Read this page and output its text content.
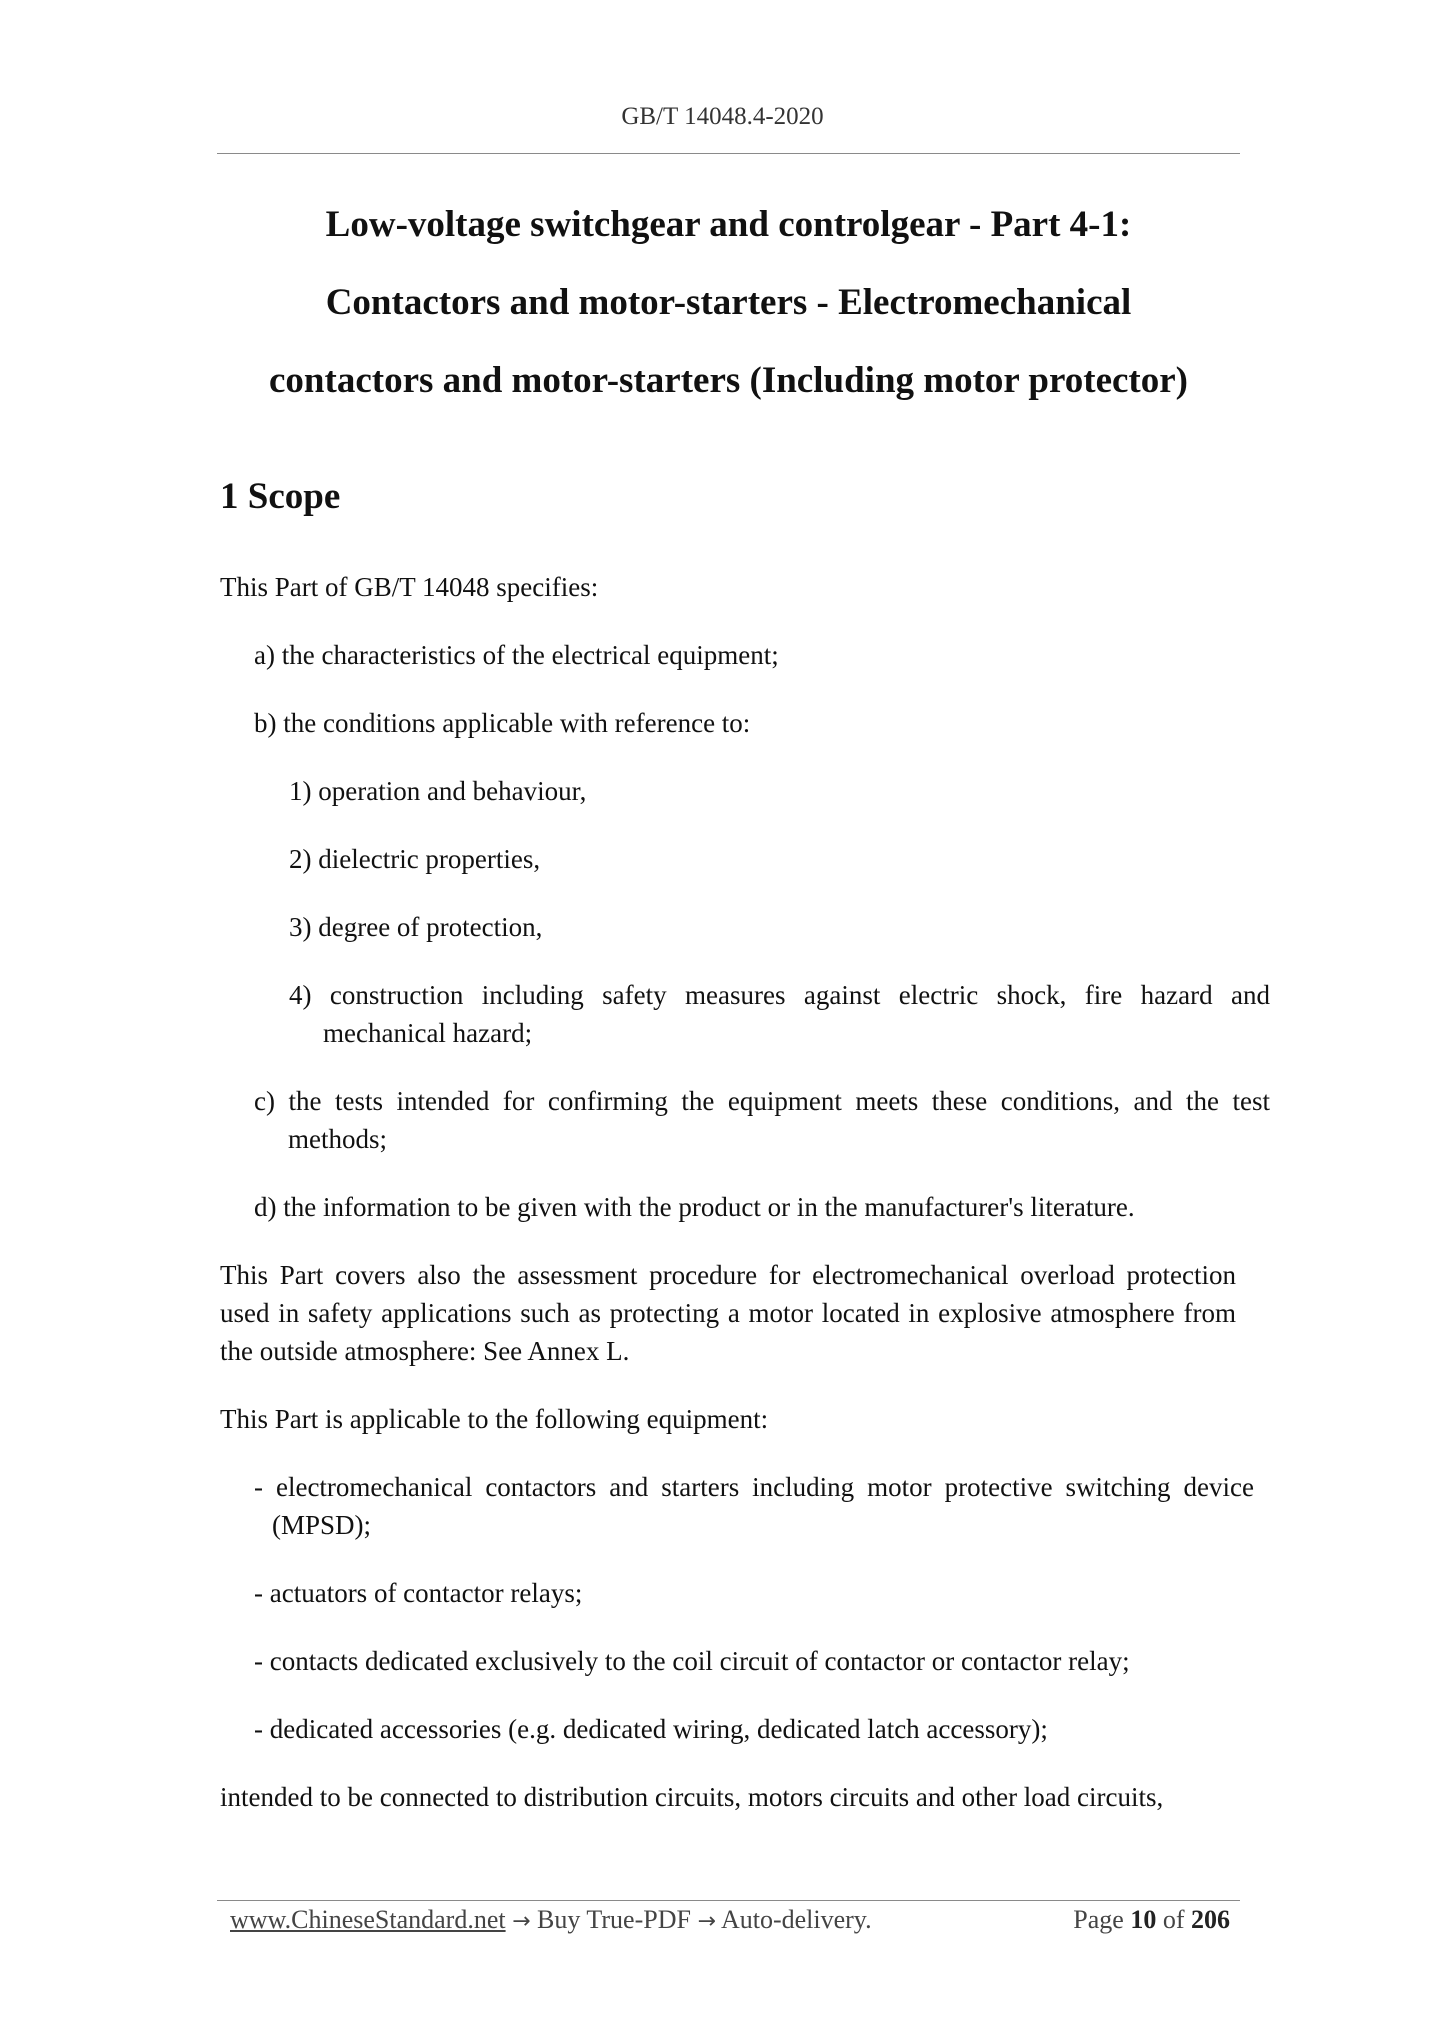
GB/T 14048.4-2020
Low-voltage switchgear and controlgear - Part 4-1:
Contactors and motor-starters - Electromechanical
contactors and motor-starters (Including motor protector)
1 Scope

This Part of GB/T 14048 specifies:

a) the characteristics of the electrical equipment;

b) the conditions applicable with reference to:

1) operation and behaviour,

2) dielectric properties,

3) degree of protection,

4) construction including safety measures against electric shock, fire hazard and mechanical hazard;

c) the tests intended for confirming the equipment meets these conditions, and the test methods;

d) the information to be given with the product or in the manufacturer's literature.

This Part covers also the assessment procedure for electromechanical overload protection used in safety applications such as protecting a motor located in explosive atmosphere from the outside atmosphere: See Annex L.

This Part is applicable to the following equipment:

- electromechanical contactors and starters including motor protective switching device (MPSD);

- actuators of contactor relays;

- contacts dedicated exclusively to the coil circuit of contactor or contactor relay;

- dedicated accessories (e.g. dedicated wiring, dedicated latch accessory);

intended to be connected to distribution circuits, motors circuits and other load circuits,

www.ChineseStandard.net → Buy True-PDF → Auto-delivery.	Page 10 of 206
